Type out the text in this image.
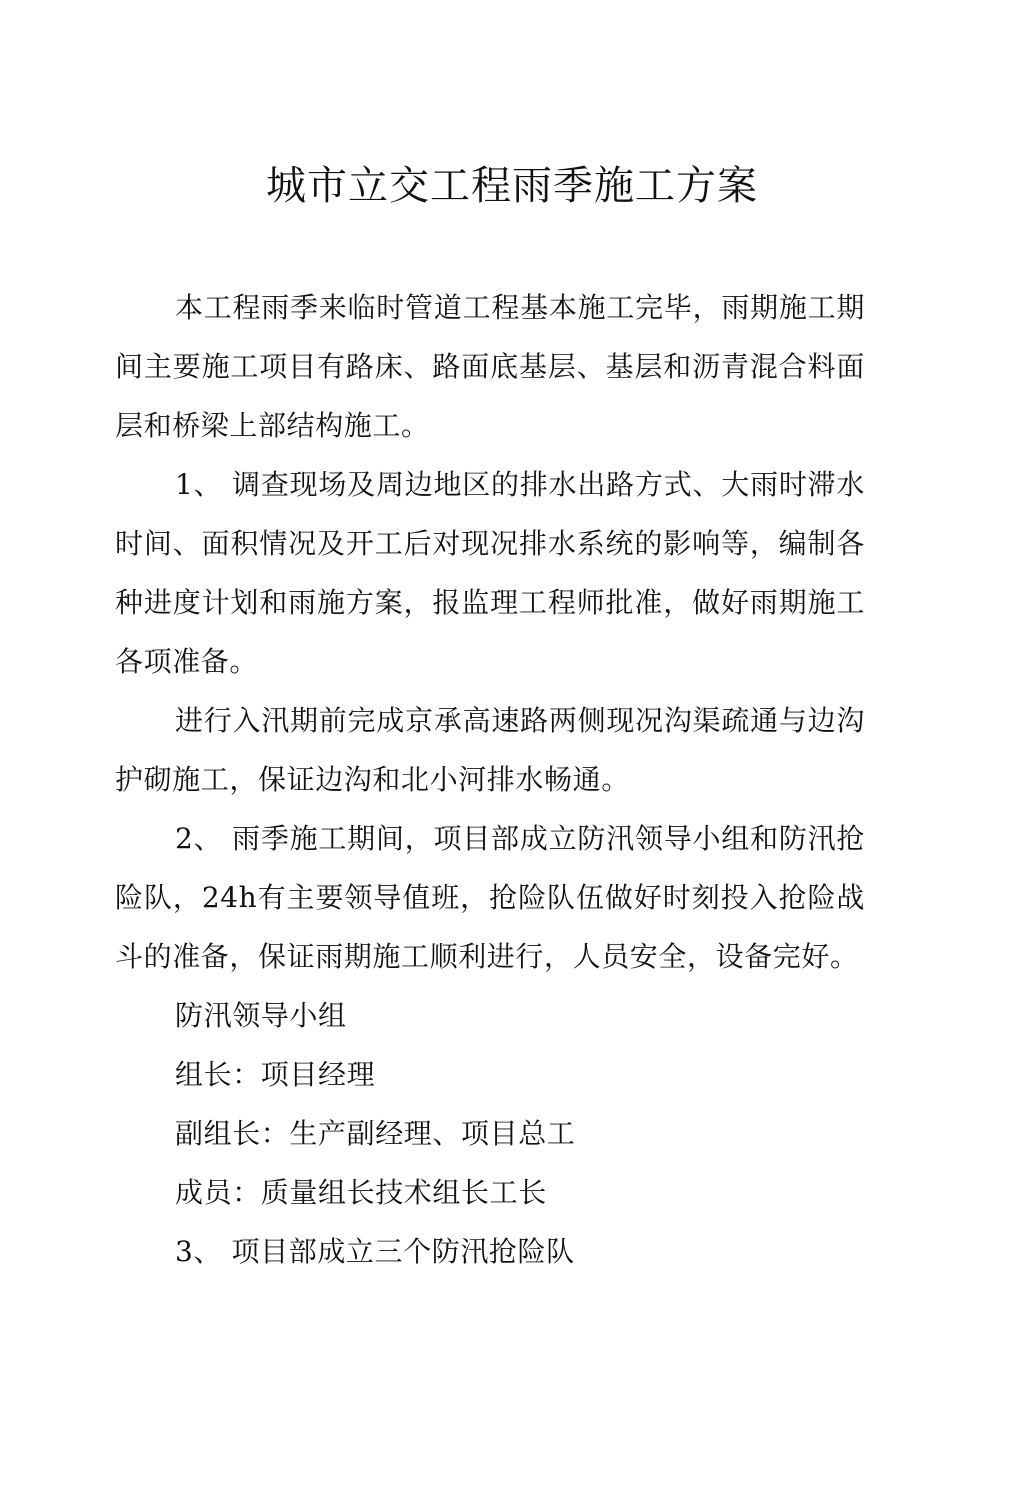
城市立交工程雨季施工方案

本工程雨季来临时管道工程基本施工完毕，雨期施工期间主要施工项目有路床、路面底基层、基层和沥青混合料面层和桥梁上部结构施工。

1、 调查现场及周边地区的排水出路方式、大雨时滞水时间、面积情况及开工后对现况排水系统的影响等，编制各种进度计划和雨施方案，报监理工程师批准，做好雨期施工各项准备。

进行入汛期前完成京承高速路两侧现况沟渠疏通与边沟护砌施工，保证边沟和北小河排水畅通。

2、 雨季施工期间，项目部成立防汛领导小组和防汛抢险队，24h有主要领导值班，抢险队伍做好时刻投入抢险战斗的准备，保证雨期施工顺利进行，人员安全，设备完好。

防汛领导小组

组长：项目经理

副组长：生产副经理、项目总工

成员：质量组长技术组长工长

3、 项目部成立三个防汛抢险队
